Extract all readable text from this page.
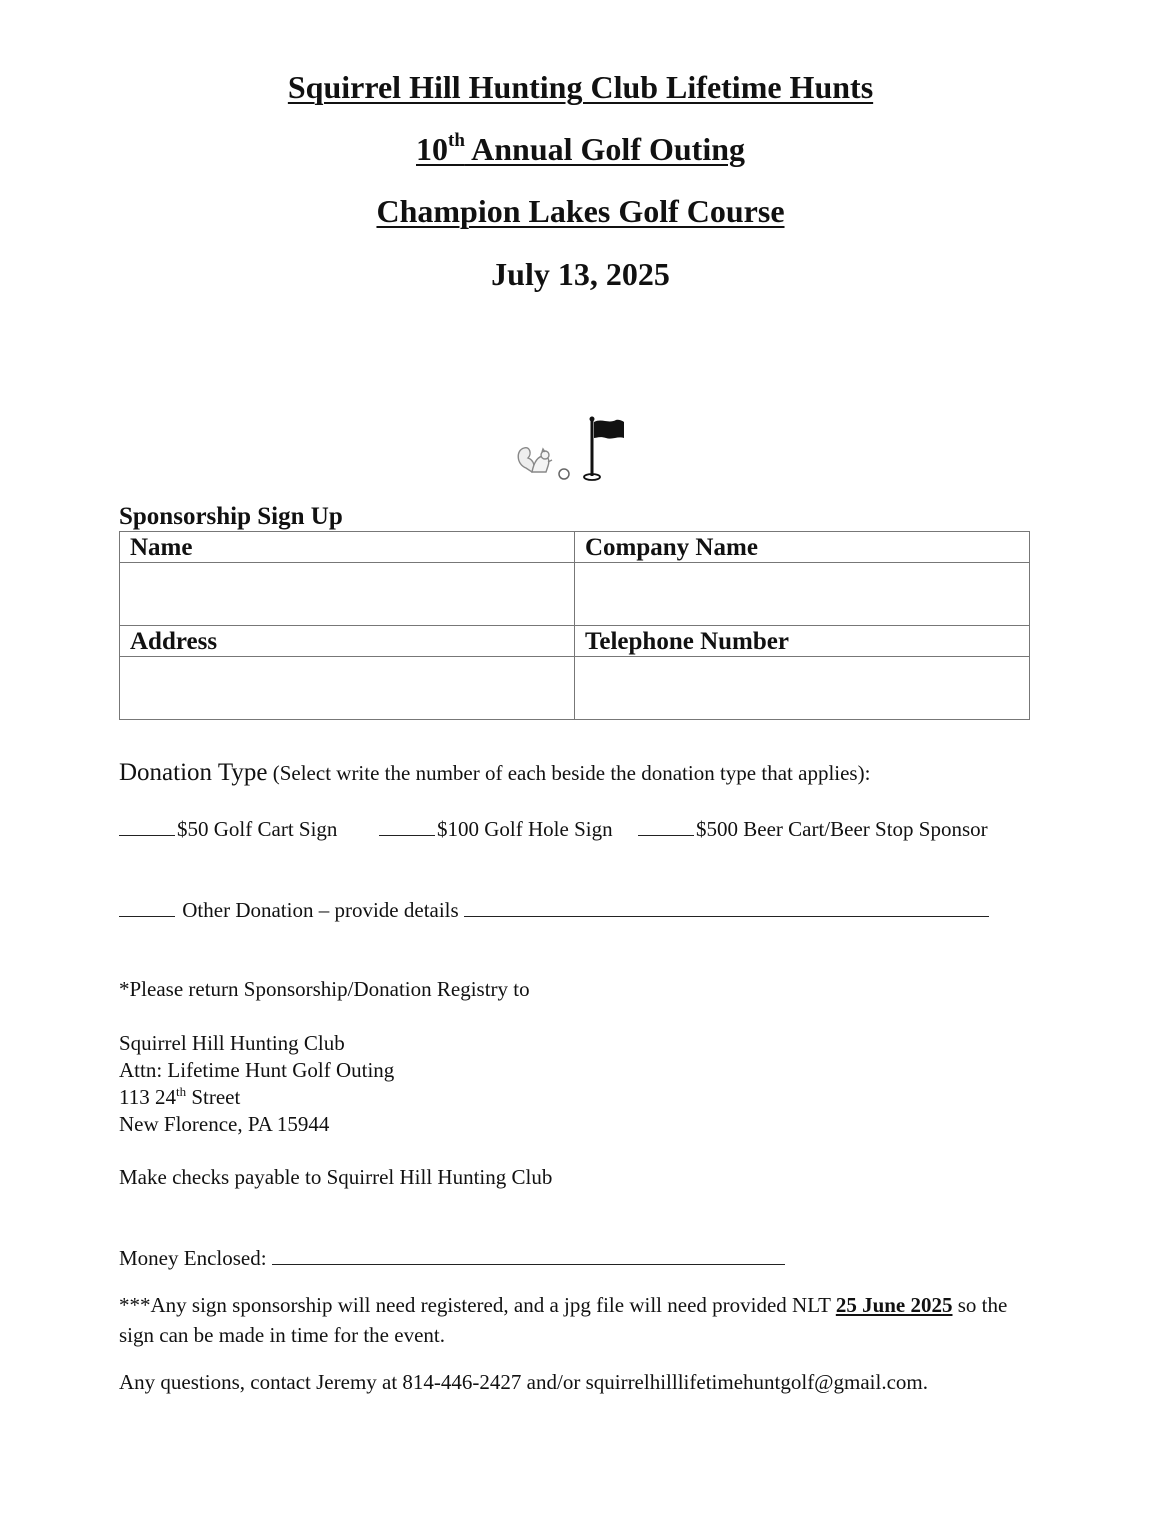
Squirrel Hill Hunting Club Lifetime Hunts
10th Annual Golf Outing
Champion Lakes Golf Course
July 13, 2025
Sponsorship Sign Up
Name	Company Name

Address	Telephone Number

Donation Type (Select write the number of each beside the donation type that applies):
$50 Golf Cart Sign	$100 Golf Hole Sign	$500 Beer Cart/Beer Stop Sponsor
Other Donation – provide details
*Please return Sponsorship/Donation Registry to
Squirrel Hill Hunting Club
Attn: Lifetime Hunt Golf Outing
113 24th Street
New Florence, PA 15944
Make checks payable to Squirrel Hill Hunting Club
Money Enclosed:
***Any sign sponsorship will need registered, and a jpg file will need provided NLT 25 June 2025 so the sign can be made in time for the event.
Any questions, contact Jeremy at 814-446-2427 and/or squirrelhilllifetimehuntgolf@gmail.com.
